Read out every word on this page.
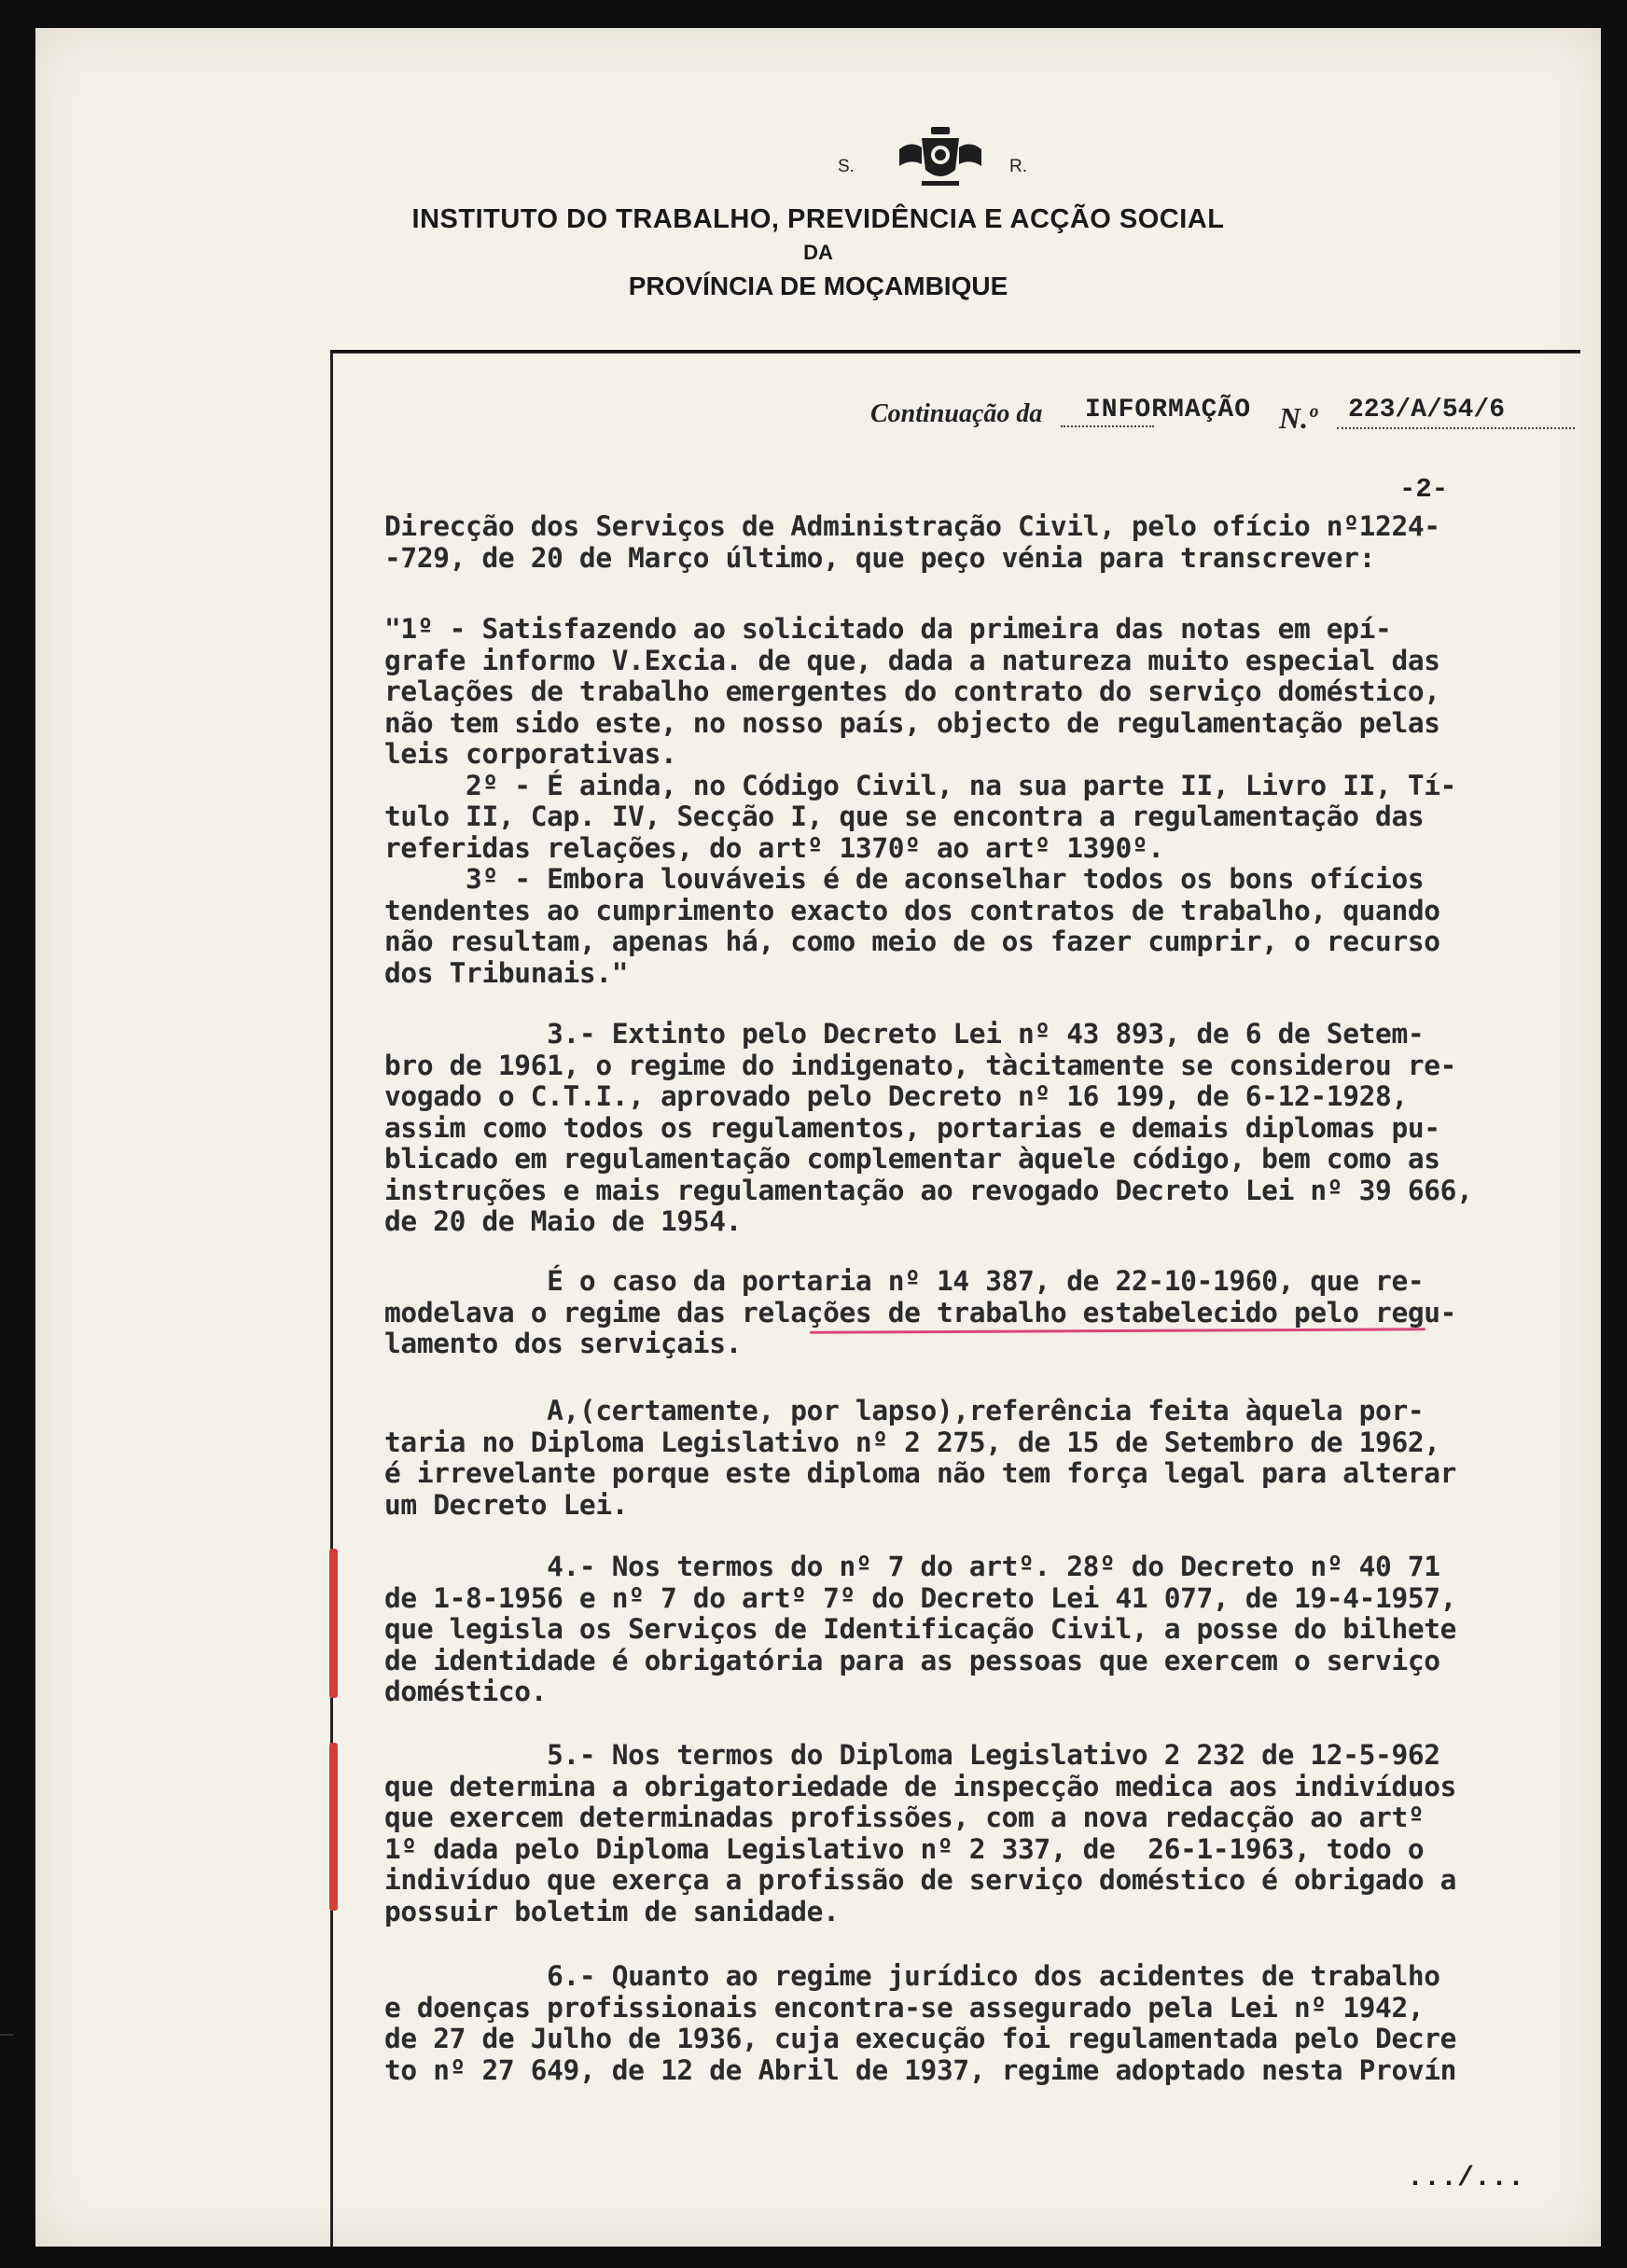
S.	R.
INSTITUTO DO TRABALHO, PREVIDÊNCIA E ACÇÃO SOCIAL
DA
PROVÍNCIA DE MOÇAMBIQUE
Continuação da INFORMAÇÃO N.º 223/A/54/6
-2-
Direcção dos Serviços de Administração Civil, pelo ofício nº1224-
-729, de 20 de Março último, que peço vénia para transcrever:
"1º - Satisfazendo ao solicitado da primeira das notas em epí-
grafe informo V.Excia. de que, dada a natureza muito especial das
relações de trabalho emergentes do contrato do serviço doméstico,
não tem sido este, no nosso país, objecto de regulamentação pelas
leis corporativas.
2º - É ainda, no Código Civil, na sua parte II, Livro II, Tí-
tulo II, Cap. IV, Secção I, que se encontra a regulamentação das
referidas relações, do artº 1370º ao artº 1390º.
3º - Embora louváveis é de aconselhar todos os bons ofícios
tendentes ao cumprimento exacto dos contratos de trabalho, quando
não resultam, apenas há, como meio de os fazer cumprir, o recurso
dos Tribunais."
3.- Extinto pelo Decreto Lei nº 43 893, de 6 de Setem-
bro de 1961, o regime do indigenato, tàcitamente se considerou re-
vogado o C.T.I., aprovado pelo Decreto nº 16 199, de 6-12-1928,
assim como todos os regulamentos, portarias e demais diplomas pu-
blicado em regulamentação complementar àquele código, bem como as
instruções e mais regulamentação ao revogado Decreto Lei nº 39 666,
de 20 de Maio de 1954.
É o caso da portaria nº 14 387, de 22-10-1960, que re-
modelava o regime das relações de trabalho estabelecido pelo regu-
lamento dos serviçais.
A,(certamente, por lapso),referência feita àquela por-
taria no Diploma Legislativo nº 2 275, de 15 de Setembro de 1962,
é irrevelante porque este diploma não tem força legal para alterar
um Decreto Lei.
4.- Nos termos do nº 7 do artº. 28º do Decreto nº 40 71
de 1-8-1956 e nº 7 do artº 7º do Decreto Lei 41 077, de 19-4-1957,
que legisla os Serviços de Identificação Civil, a posse do bilhete
de identidade é obrigatória para as pessoas que exercem o serviço
doméstico.
5.- Nos termos do Diploma Legislativo 2 232 de 12-5-962
que determina a obrigatoriedade de inspecção medica aos indivíduos
que exercem determinadas profissões, com a nova redacção ao artº
1º dada pelo Diploma Legislativo nº 2 337, de  26-1-1963, todo o
indivíduo que exerça a profissão de serviço doméstico é obrigado a
possuir boletim de sanidade.
6.- Quanto ao regime jurídico dos acidentes de trabalho
e doenças profissionais encontra-se assegurado pela Lei nº 1942,
de 27 de Julho de 1936, cuja execução foi regulamentada pelo Decre
to nº 27 649, de 12 de Abril de 1937, regime adoptado nesta Provín
.../...
